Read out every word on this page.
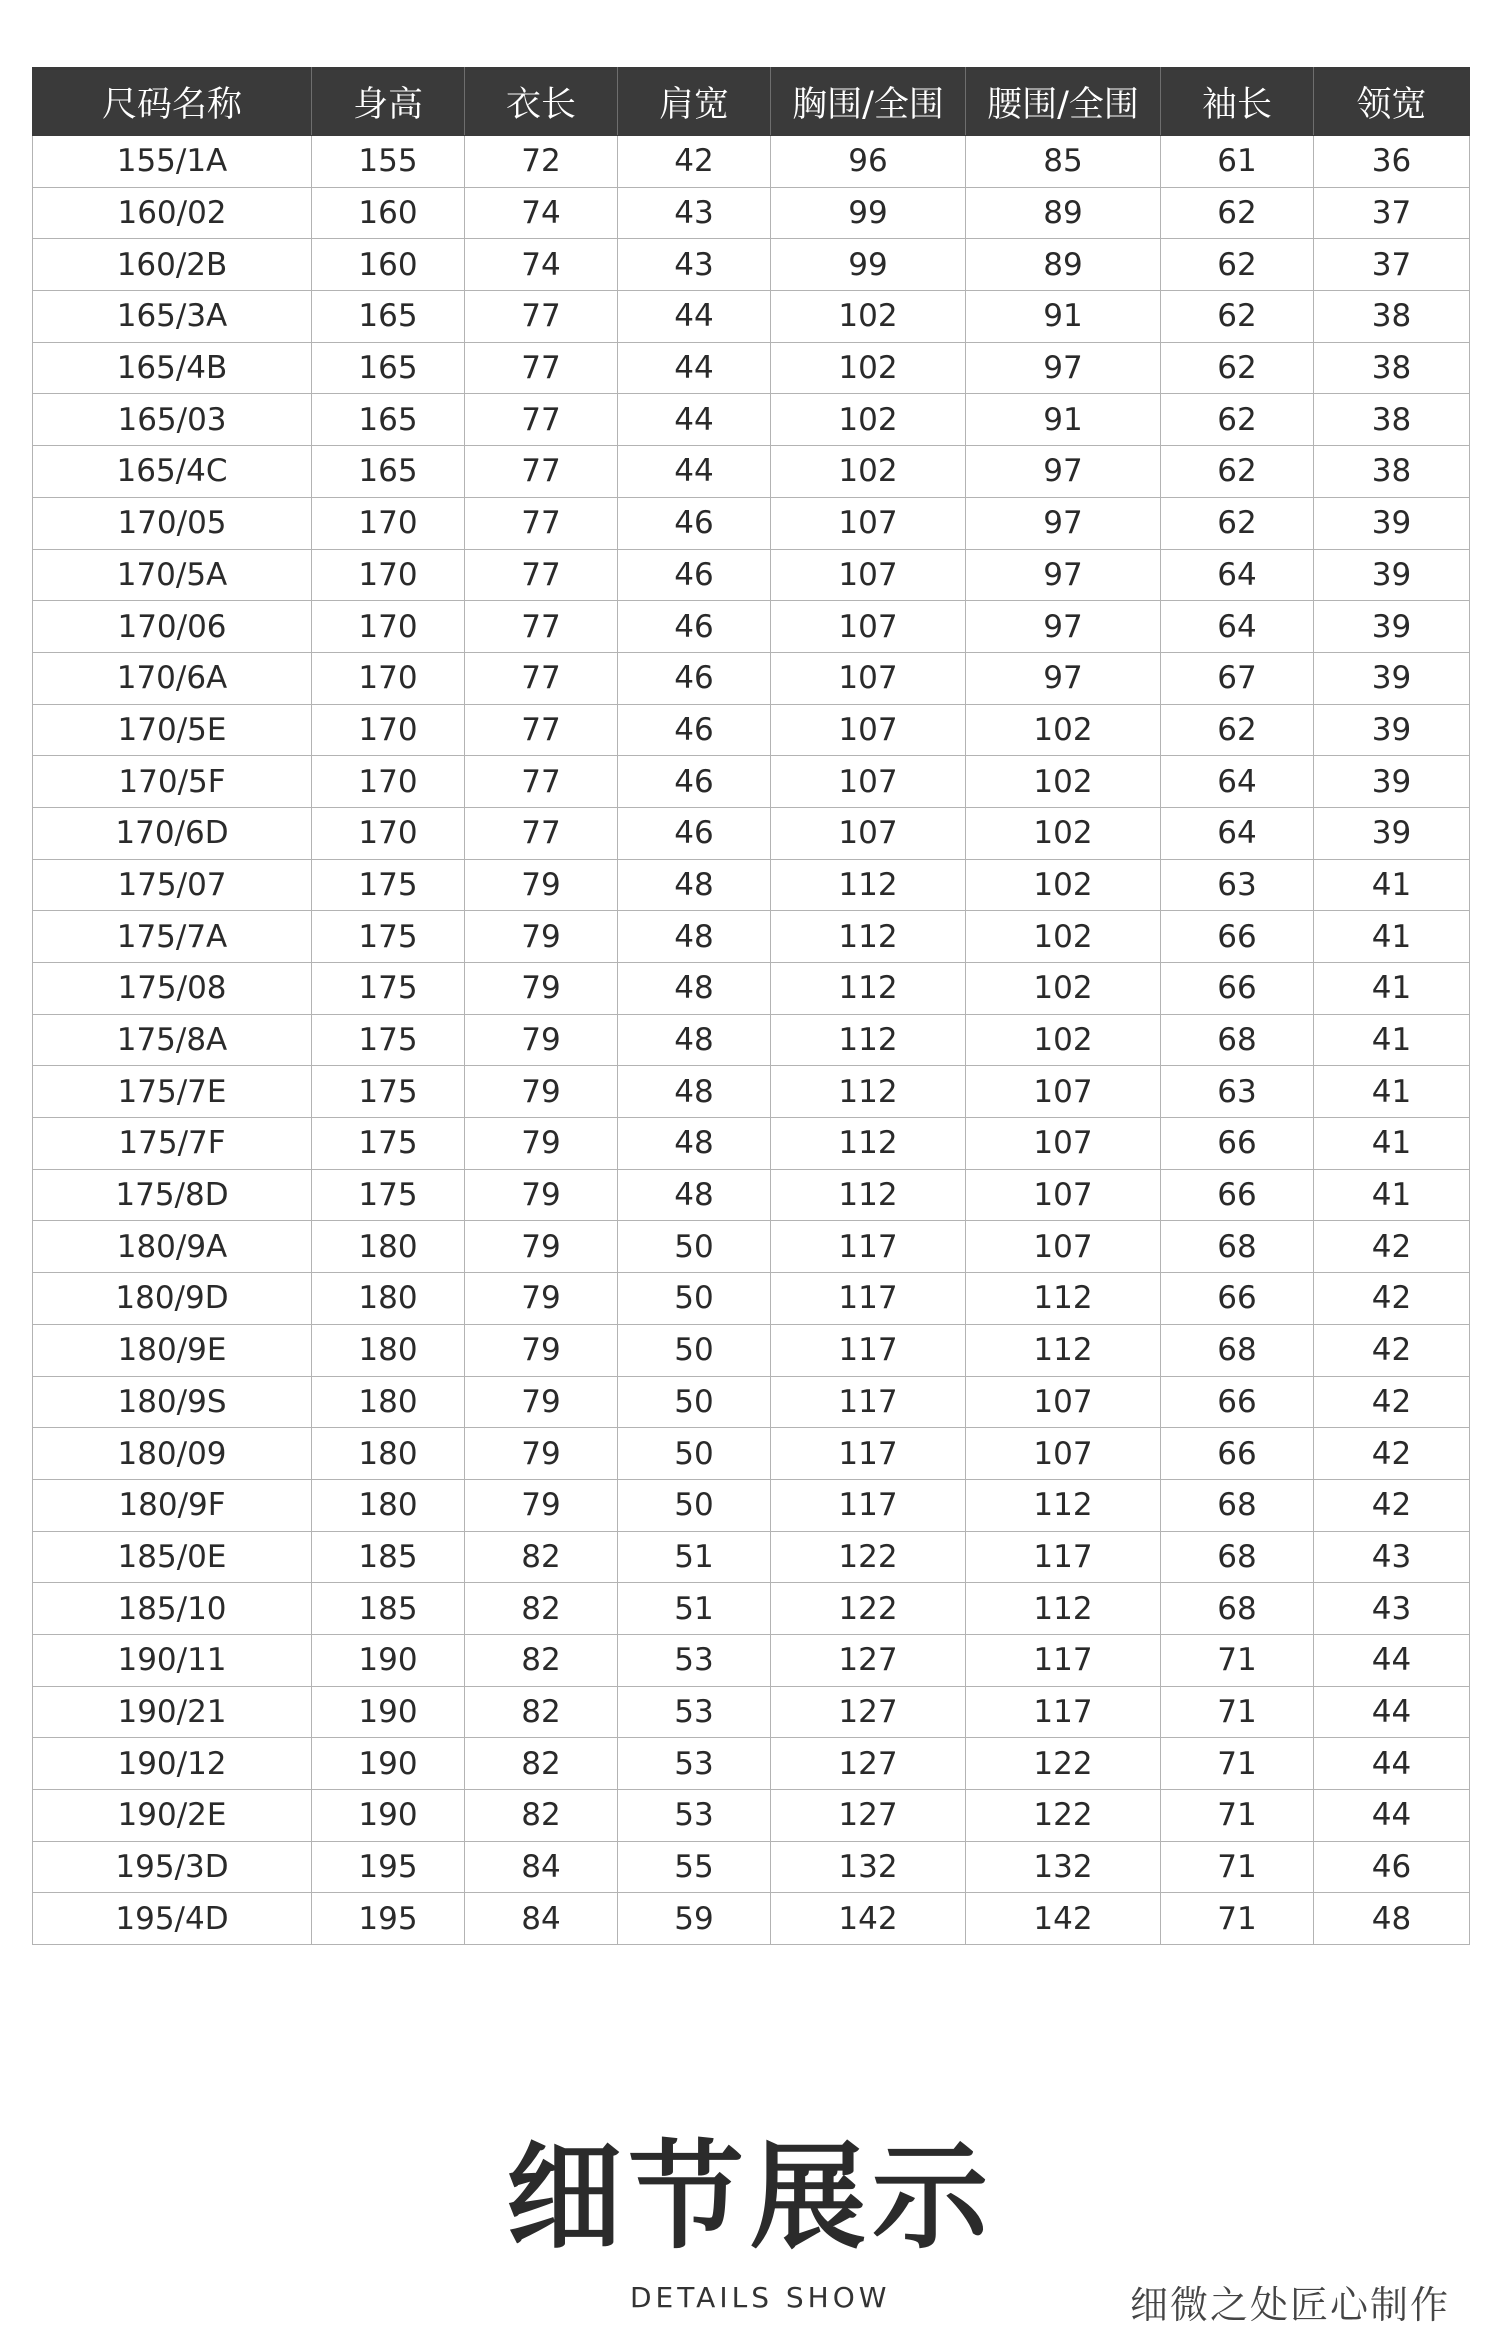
尺码名称	身高	衣长	肩宽	胸围/全围	腰围/全围	袖长	领宽
155/1A	155	72	42	96	85	61	36
160/02	160	74	43	99	89	62	37
160/2B	160	74	43	99	89	62	37
165/3A	165	77	44	102	91	62	38
165/4B	165	77	44	102	97	62	38
165/03	165	77	44	102	91	62	38
165/4C	165	77	44	102	97	62	38
170/05	170	77	46	107	97	62	39
170/5A	170	77	46	107	97	64	39
170/06	170	77	46	107	97	64	39
170/6A	170	77	46	107	97	67	39
170/5E	170	77	46	107	102	62	39
170/5F	170	77	46	107	102	64	39
170/6D	170	77	46	107	102	64	39
175/07	175	79	48	112	102	63	41
175/7A	175	79	48	112	102	66	41
175/08	175	79	48	112	102	66	41
175/8A	175	79	48	112	102	68	41
175/7E	175	79	48	112	107	63	41
175/7F	175	79	48	112	107	66	41
175/8D	175	79	48	112	107	66	41
180/9A	180	79	50	117	107	68	42
180/9D	180	79	50	117	112	66	42
180/9E	180	79	50	117	112	68	42
180/9S	180	79	50	117	107	66	42
180/09	180	79	50	117	107	66	42
180/9F	180	79	50	117	112	68	42
185/0E	185	82	51	122	117	68	43
185/10	185	82	51	122	112	68	43
190/11	190	82	53	127	117	71	44
190/21	190	82	53	127	117	71	44
190/12	190	82	53	127	122	71	44
190/2E	190	82	53	127	122	71	44
195/3D	195	84	55	132	132	71	46
195/4D	195	84	59	142	142	71	48
细节展示
DETAILS SHOW	细微之处匠心制作
